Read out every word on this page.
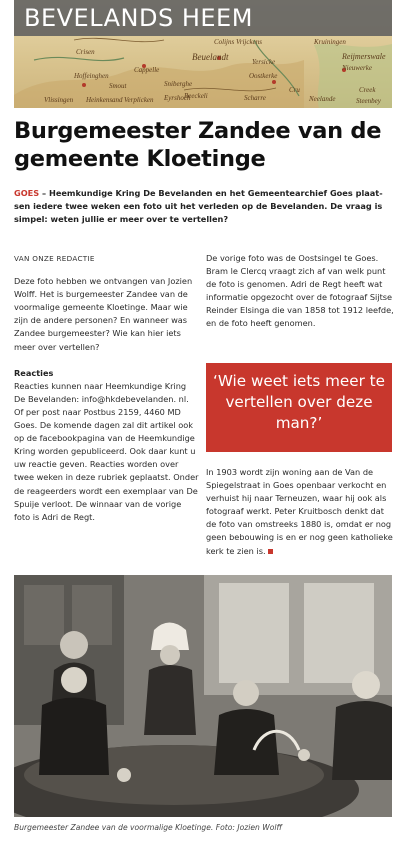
Colijns	Kruiningen
Crisen	Beuelandt
Cappelle
Vrijckens
Nieuwerke
Vlissingen
Oostkerke
Sniberghe
Smout
Scharre
Creek
Heinkensand	Beeckeli
Verplicken
Hoffeinghen
Eyrshoch	Steenbey
Neelande
Reijmerswale
Yersicke
Cru
BEVELANDS HEEM
Burgemeester Zandee van de gemeente Kloetinge

GOES – Heemkundige Kring De Bevelanden en het Gemeentearchief Goes plaat-sen iedere twee weken een foto uit het verleden op de Bevelanden. De vraag is simpel: weten jullie er meer over te vertellen?

VAN ONZE REDACTIE

Deze foto hebben we ontvangen van Jozien Wolff. Het is burgemeester Zandee van de voormalige gemeente Kloetinge. Maar wie zijn de andere personen? En wanneer was Zandee burgemeester? Wie kan hier iets meer over vertellen?

Reacties

Reacties kunnen naar Heemkundige Kring De Bevelanden: info@hkdebevelanden. nl. Of per post naar Postbus 2159, 4460 MD Goes. De komende dagen zal dit artikel ook op de facebookpagina van de Heemkundige Kring worden gepubliceerd. Ook daar kunt u uw reactie geven. Reacties worden over twee weken in deze rubriek geplaatst. Onder de reageerders wordt een exemplaar van De Spuije verloot. De winnaar van de vorige foto is Adri de Regt.

De vorige foto was de Oostsingel te Goes. Bram le Clercq vraagt zich af van welk punt de foto is genomen. Adri de Regt heeft wat informatie opgezocht over de fotograaf Sijtse Reinder Elsinga die van 1858 tot 1912 leefde, en de foto heeft genomen.

‘Wie weet iets meer te vertellen over deze man?’

In 1903 wordt zijn woning aan de Van de Spiegelstraat in Goes openbaar verkocht en verhuist hij naar Terneuzen, waar hij ook als fotograaf werkt. Peter Kruitbosch denkt dat de foto van omstreeks 1880 is, omdat er nog geen bebouwing is en er nog geen katholieke kerk te zien is.

Burgemeester Zandee van de voormalige Kloetinge. Foto: Jozien Wolff
